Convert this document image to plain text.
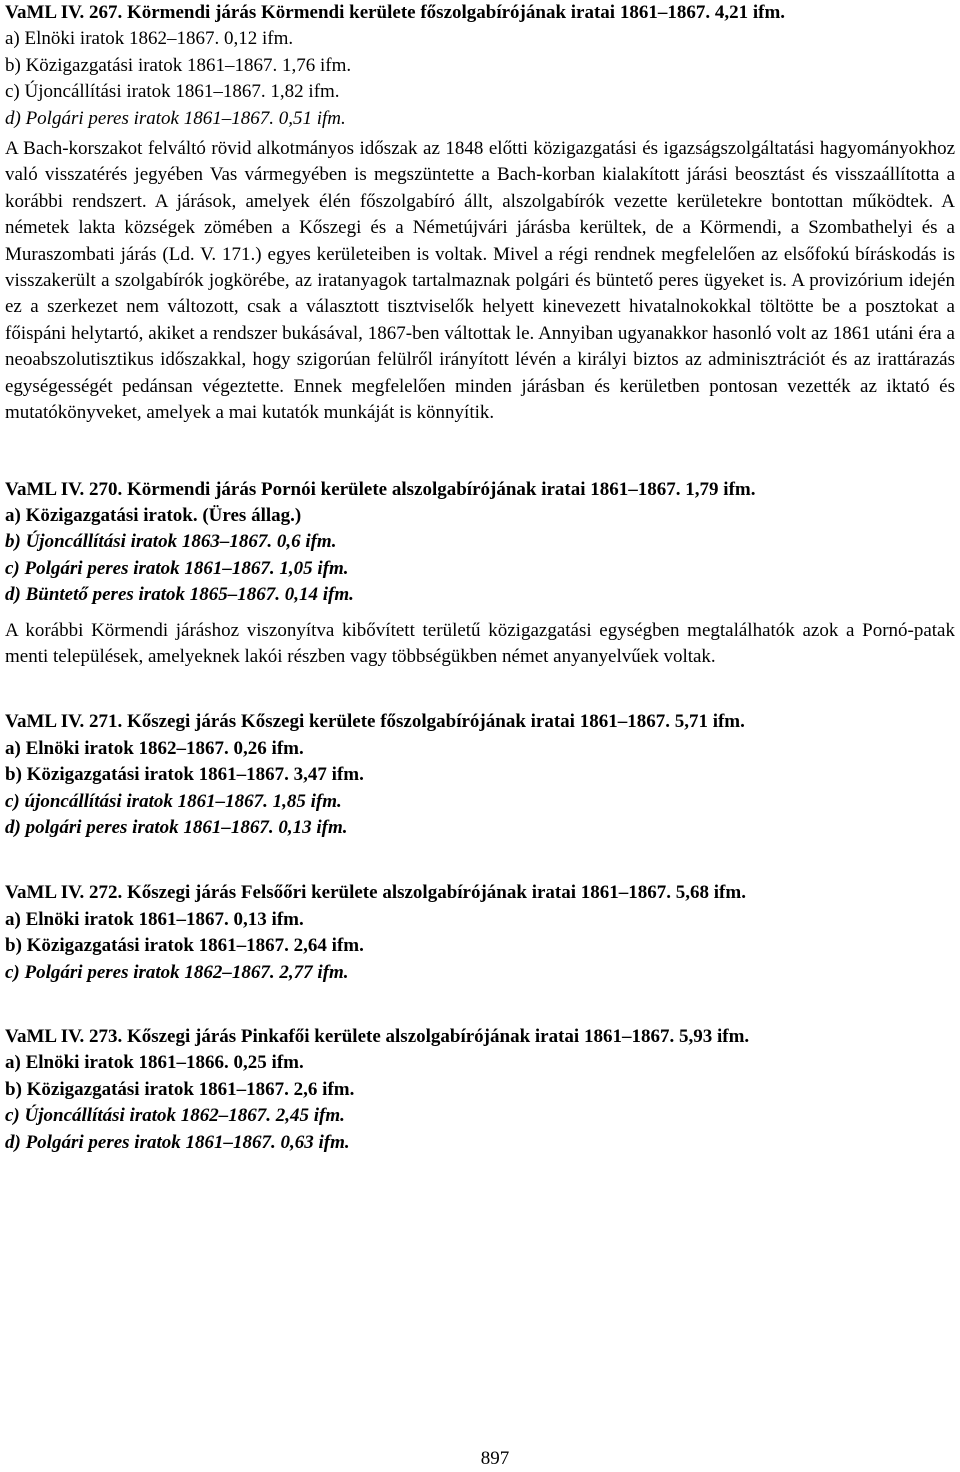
VaML IV. 267. Körmendi járás Körmendi kerülete főszolgabírójának iratai 1861–1867. 4,21 ifm.

a) Elnöki iratok 1862–1867. 0,12 ifm.

b) Közigazgatási iratok 1861–1867. 1,76 ifm.

c) Újoncállítási iratok 1861–1867. 1,82 ifm.

d) Polgári peres iratok 1861–1867. 0,51 ifm.

A Bach-korszakot felváltó rövid alkotmányos időszak az 1848 előtti közigazgatási és igazságszolgáltatási hagyományokhoz való visszatérés jegyében Vas vármegyében is megszüntette a Bach-korban kialakított járási beosztást és visszaállította a korábbi rendszert. A járások, amelyek élén főszolgabíró állt, alszolgabírók vezette kerületekre bontottan működtek. A németek lakta községek zömében a Kőszegi és a Németújvári járásba kerültek, de a Körmendi, a Szombathelyi és a Muraszombati járás (Ld. V. 171.) egyes kerületeiben is voltak. Mivel a régi rendnek megfelelően az elsőfokú bíráskodás is visszakerült a szolgabírók jogkörébe, az iratanyagok tartalmaznak polgári és büntető peres ügyeket is. A provizórium idején ez a szerkezet nem változott, csak a választott tisztviselők helyett kinevezett hivatalnokokkal töltötte be a posztokat a főispáni helytartó, akiket a rendszer bukásával, 1867-ben váltottak le. Annyiban ugyanakkor hasonló volt az 1861 utáni éra a neoabszolutisztikus időszakkal, hogy szigorúan felülről irányított lévén a királyi biztos az adminisztrációt és az irattárazás egységességét pedánsan végeztette. Ennek megfelelően minden járásban és kerületben pontosan vezették az iktató és mutatókönyveket, amelyek a mai kutatók munkáját is könnyítik.

VaML IV. 270. Körmendi járás Pornói kerülete alszolgabírójának iratai 1861–1867. 1,79 ifm.

a) Közigazgatási iratok. (Üres állag.)

b) Újoncállítási iratok 1863–1867. 0,6 ifm.

c) Polgári peres iratok 1861–1867. 1,05 ifm.

d) Büntető peres iratok 1865–1867. 0,14 ifm.

A korábbi Körmendi járáshoz viszonyítva kibővített területű közigazgatási egységben megtalálhatók azok a Pornó-patak menti települések, amelyeknek lakói részben vagy többségükben német anyanyelvűek voltak.

VaML IV. 271. Kőszegi járás Kőszegi kerülete főszolgabírójának iratai 1861–1867. 5,71 ifm.

a) Elnöki iratok 1862–1867. 0,26 ifm.

b) Közigazgatási iratok 1861–1867. 3,47 ifm.

c) újoncállítási iratok 1861–1867. 1,85 ifm.

d) polgári peres iratok 1861–1867. 0,13 ifm.

VaML IV. 272. Kőszegi járás Felsőőri kerülete alszolgabírójának iratai 1861–1867. 5,68 ifm.

a) Elnöki iratok 1861–1867. 0,13 ifm.

b) Közigazgatási iratok 1861–1867. 2,64 ifm.

c) Polgári peres iratok 1862–1867. 2,77 ifm.

VaML IV. 273. Kőszegi járás Pinkafői kerülete alszolgabírójának iratai 1861–1867. 5,93 ifm.

a) Elnöki iratok 1861–1866. 0,25 ifm.

b) Közigazgatási iratok 1861–1867. 2,6 ifm.

c) Újoncállítási iratok 1862–1867. 2,45 ifm.

d) Polgári peres iratok 1861–1867. 0,63 ifm.

897
